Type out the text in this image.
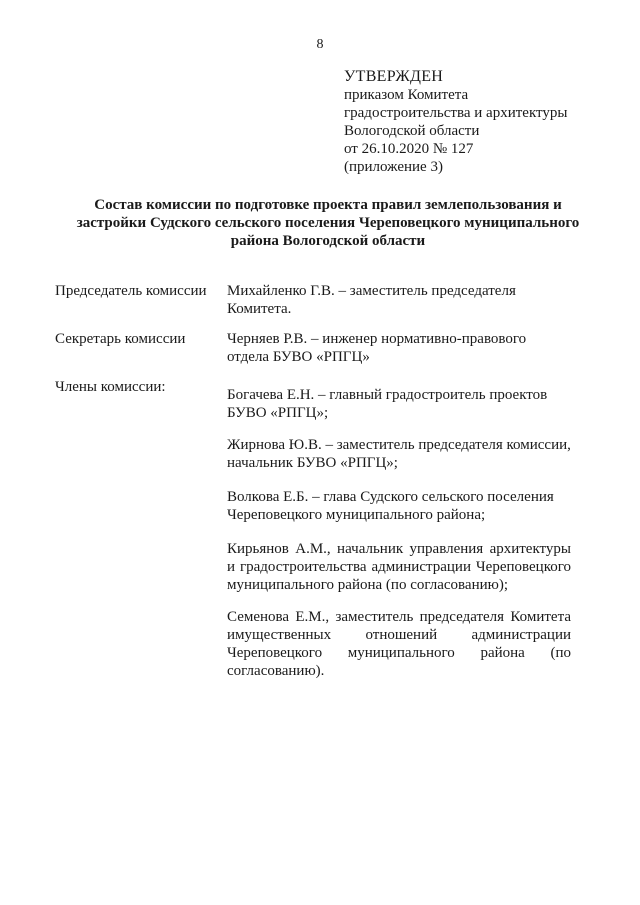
8
УТВЕРЖДЕН
приказом Комитета
градостроительства и архитектуры
Вологодской области
от 26.10.2020 № 127
(приложение 3)
Состав комиссии по подготовке проекта правил землепользования и застройки Судского сельского поселения Череповецкого муниципального района Вологодской области
Председатель комиссии	Михайленко Г.В. – заместитель председателя Комитета.
Секретарь комиссии	Черняев Р.В. – инженер нормативно-правового отдела БУВО «РПГЦ»
Члены комиссии:	Богачева Е.Н. – главный градостроитель проектов БУВО «РПГЦ»;
Жирнова Ю.В. – заместитель председателя комиссии, начальник БУВО «РПГЦ»;
Волкова Е.Б. – глава Судского сельского поселения Череповецкого муниципального района;
Кирьянов А.М., начальник управления архитектуры и градостроительства администрации Череповецкого муниципального района (по согласованию);
Семенова Е.М., заместитель председателя Комитета имущественных отношений администрации Череповецкого муниципального района (по согласованию).
